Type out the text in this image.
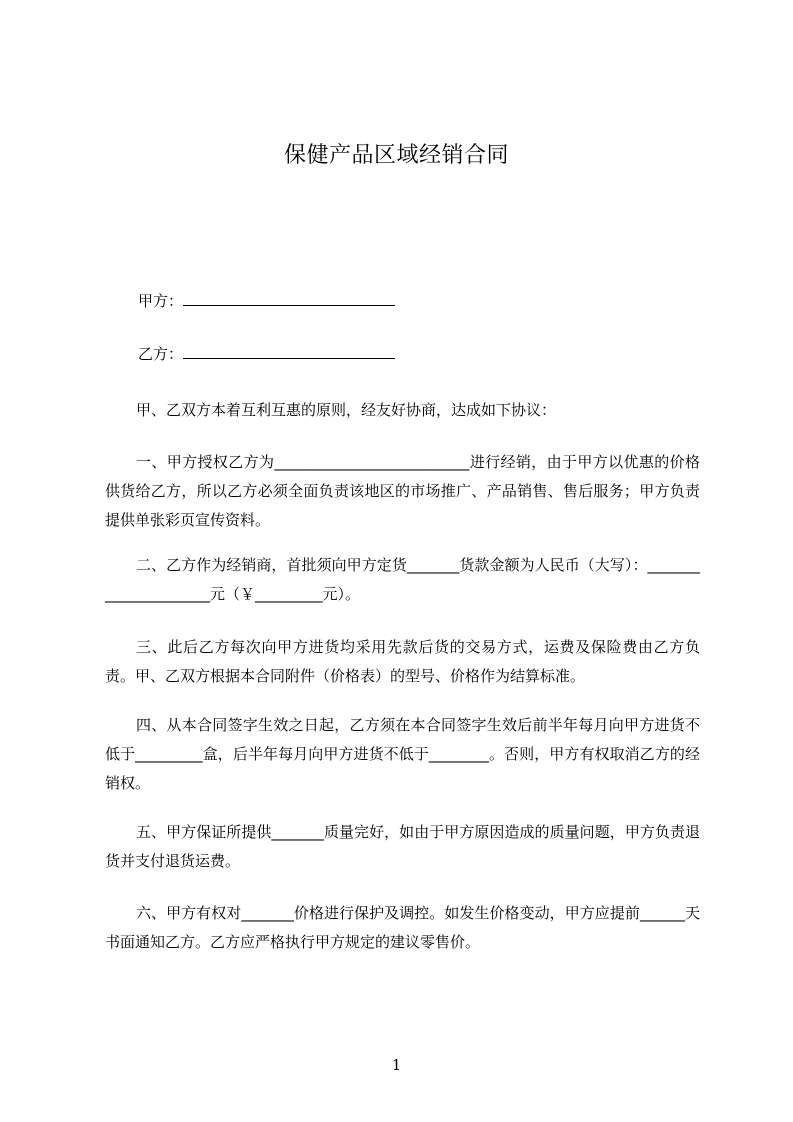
保健产品区域经销合同
甲方：
乙方：
甲、乙双方本着互利互惠的原则，经友好协商，达成如下协议：
一、甲方授权乙方为__________________________进行经销，由于甲方以优惠的价格供货给乙方，所以乙方必须全面负责该地区的市场推广、产品销售、售后服务；甲方负责提供单张彩页宣传资料。
二、乙方作为经销商，首批须向甲方定货_______货款金额为人民币（大写）：_____________________元（￥_________元）。
三、此后乙方每次向甲方进货均采用先款后货的交易方式，运费及保险费由乙方负责。甲、乙双方根据本合同附件（价格表）的型号、价格作为结算标准。
四、从本合同签字生效之日起，乙方须在本合同签字生效后前半年每月向甲方进货不低于_________盒，后半年每月向甲方进货不低于________。否则，甲方有权取消乙方的经销权。
五、甲方保证所提供_______质量完好，如由于甲方原因造成的质量问题，甲方负责退货并支付退货运费。
六、甲方有权对_______价格进行保护及调控。如发生价格变动，甲方应提前______天书面通知乙方。乙方应严格执行甲方规定的建议零售价。
1
